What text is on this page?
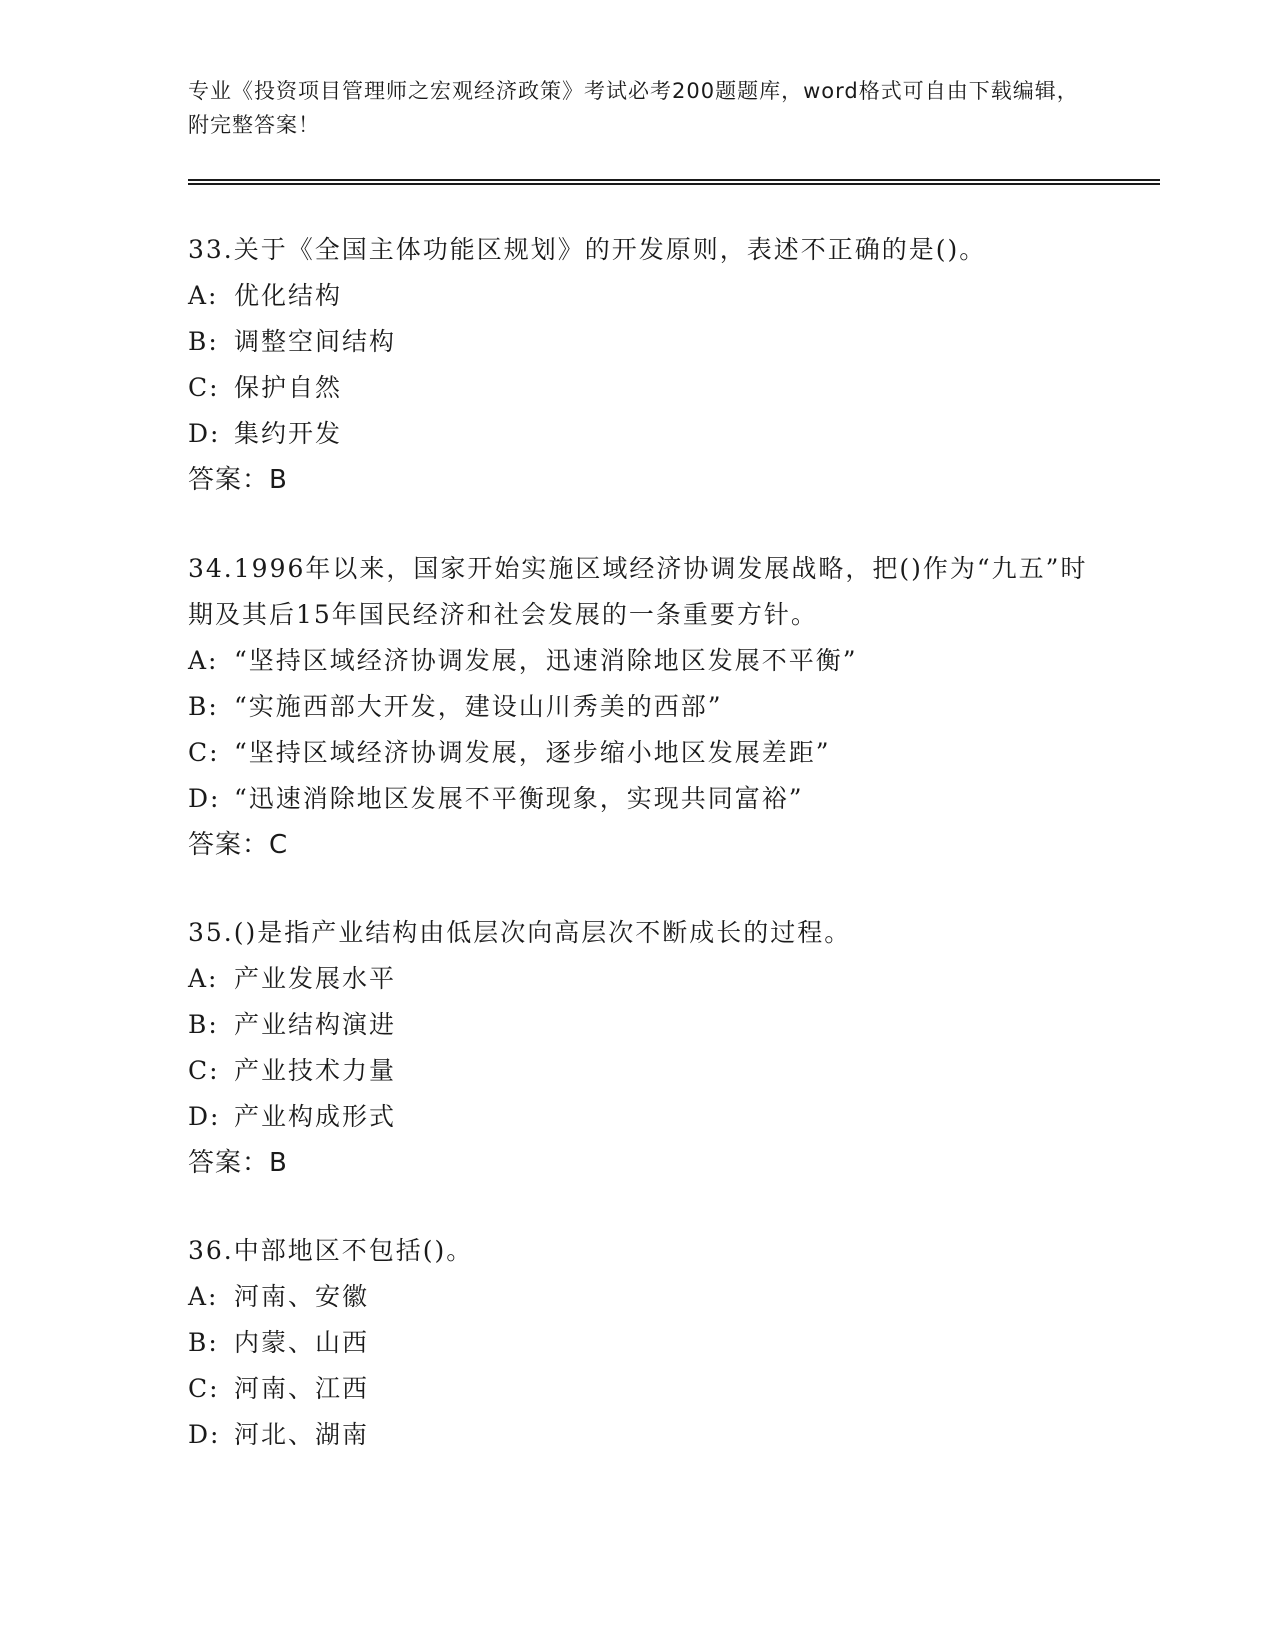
专业《投资项目管理师之宏观经济政策》考试必考200题题库，word格式可自由下载编辑，附完整答案！

33.关于《全国主体功能区规划》的开发原则，表述不正确的是()。

A: 优化结构

B: 调整空间结构

C: 保护自然

D: 集约开发

答案：B

34.1996年以来，国家开始实施区域经济协调发展战略，把()作为“九五”时期及其后15年国民经济和社会发展的一条重要方针。

A: “坚持区域经济协调发展，迅速消除地区发展不平衡”

B: “实施西部大开发，建设山川秀美的西部”

C: “坚持区域经济协调发展，逐步缩小地区发展差距”

D: “迅速消除地区发展不平衡现象，实现共同富裕”

答案：C

35.()是指产业结构由低层次向高层次不断成长的过程。

A: 产业发展水平

B: 产业结构演进

C: 产业技术力量

D: 产业构成形式

答案：B

36.中部地区不包括()。

A: 河南、安徽

B: 内蒙、山西

C: 河南、江西

D: 河北、湖南
